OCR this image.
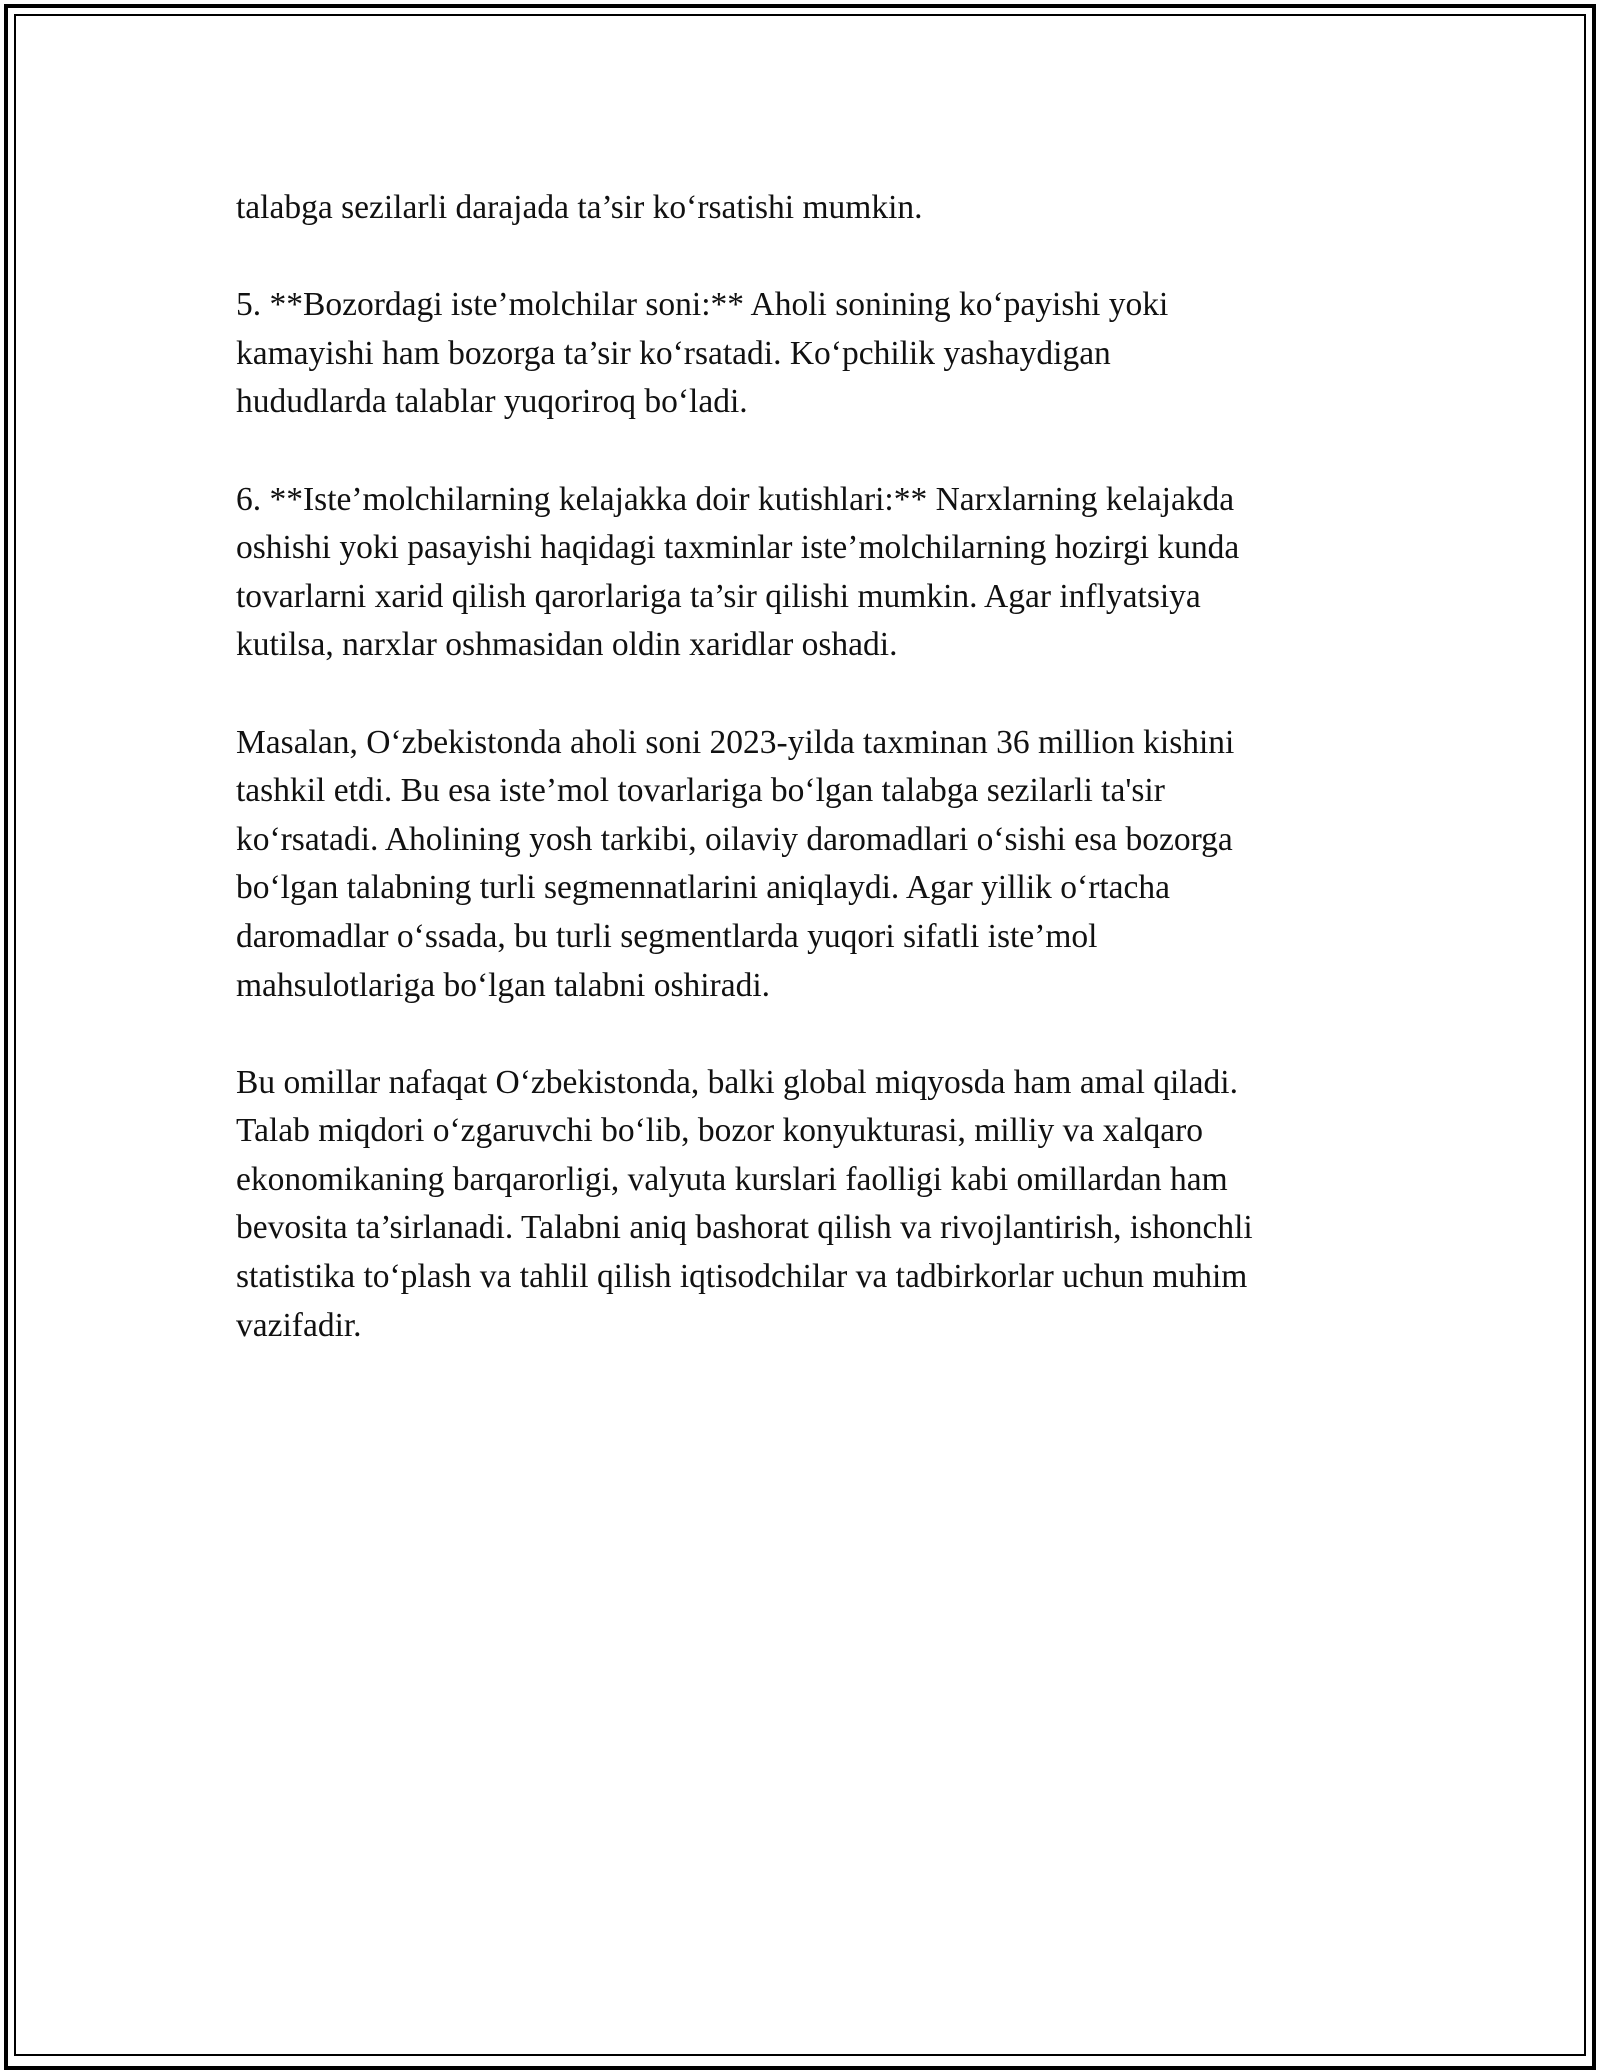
talabga sezilarli darajada ta’sir ko‘rsatishi mumkin.

5. **Bozordagi iste’molchilar soni:** Aholi sonining ko‘payishi yoki
kamayishi ham bozorga ta’sir ko‘rsatadi. Ko‘pchilik yashaydigan
hududlarda talablar yuqoriroq bo‘ladi.

6. **Iste’molchilarning kelajakka doir kutishlari:** Narxlarning kelajakda
oshishi yoki pasayishi haqidagi taxminlar iste’molchilarning hozirgi kunda
tovarlarni xarid qilish qarorlariga ta’sir qilishi mumkin. Agar inflyatsiya
kutilsa, narxlar oshmasidan oldin xaridlar oshadi.

Masalan, O‘zbekistonda aholi soni 2023-yilda taxminan 36 million kishini
tashkil etdi. Bu esa iste’mol tovarlariga bo‘lgan talabga sezilarli ta'sir
ko‘rsatadi. Aholining yosh tarkibi, oilaviy daromadlari o‘sishi esa bozorga
bo‘lgan talabning turli segmennatlarini aniqlaydi. Agar yillik o‘rtacha
daromadlar o‘ssada, bu turli segmentlarda yuqori sifatli iste’mol
mahsulotlariga bo‘lgan talabni oshiradi.

Bu omillar nafaqat O‘zbekistonda, balki global miqyosda ham amal qiladi.
Talab miqdori o‘zgaruvchi bo‘lib, bozor konyukturasi, milliy va xalqaro
ekonomikaning barqarorligi, valyuta kurslari faolligi kabi omillardan ham
bevosita ta’sirlanadi. Talabni aniq bashorat qilish va rivojlantirish, ishonchli
statistika to‘plash va tahlil qilish iqtisodchilar va tadbirkorlar uchun muhim
vazifadir.
